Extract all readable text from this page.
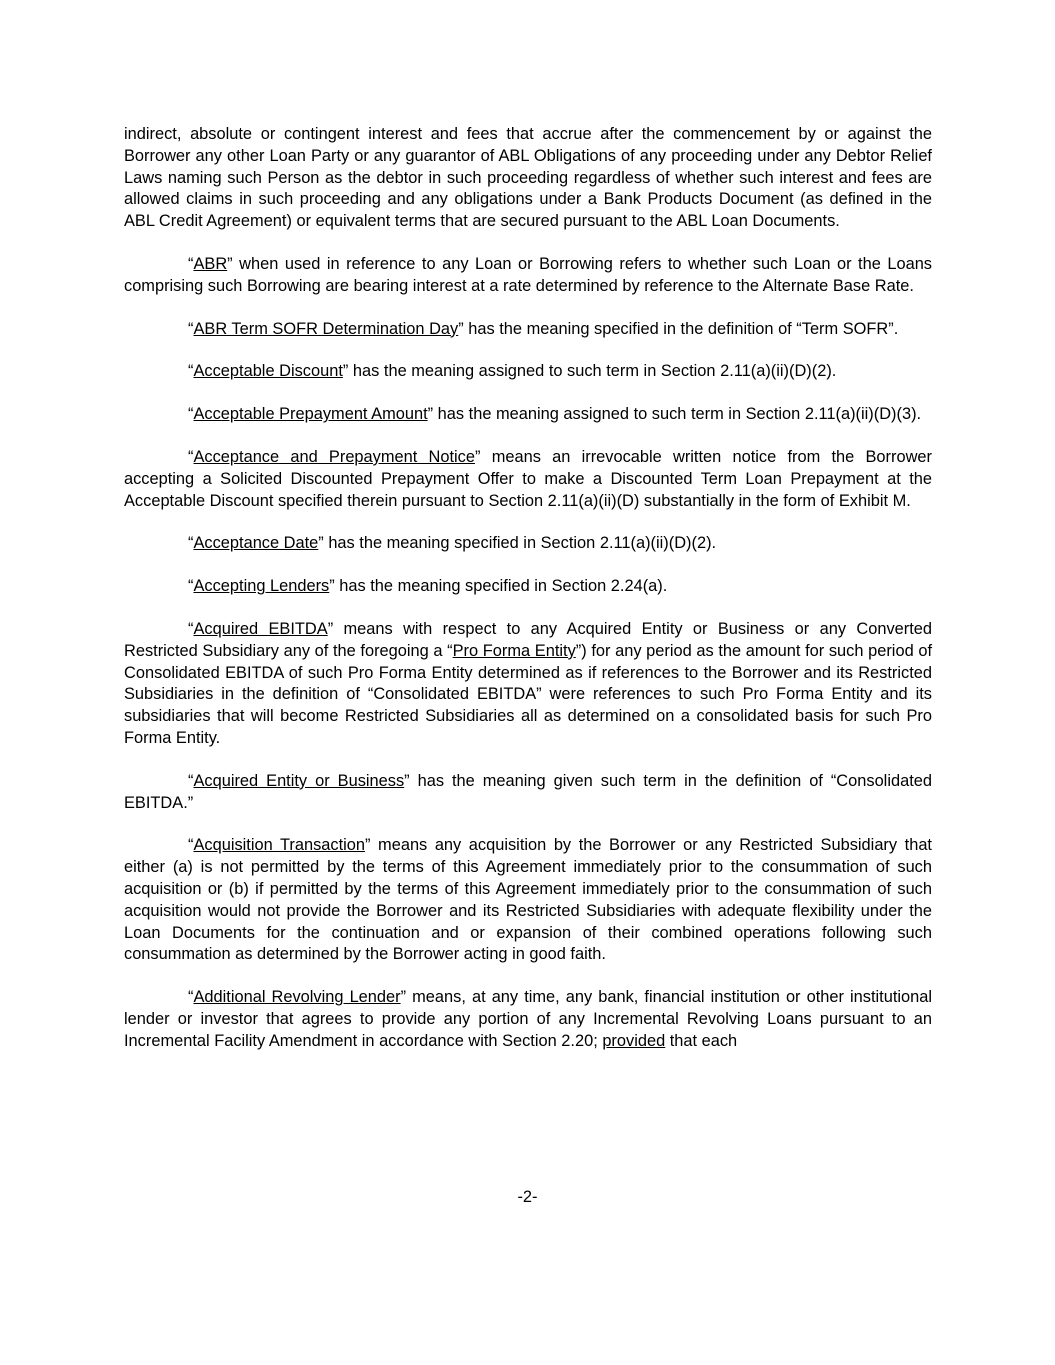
indirect, absolute or contingent interest and fees that accrue after the commencement by or against the Borrower any other Loan Party or any guarantor of ABL Obligations of any proceeding under any Debtor Relief Laws naming such Person as the debtor in such proceeding regardless of whether such interest and fees are allowed claims in such proceeding and any obligations under a Bank Products Document (as defined in the ABL Credit Agreement) or equivalent terms that are secured pursuant to the ABL Loan Documents.

“ABR” when used in reference to any Loan or Borrowing refers to whether such Loan or the Loans comprising such Borrowing are bearing interest at a rate determined by reference to the Alternate Base Rate.

“ABR Term SOFR Determination Day” has the meaning specified in the definition of “Term SOFR”.

“Acceptable Discount” has the meaning assigned to such term in Section 2.11(a)(ii)(D)(2).

“Acceptable Prepayment Amount” has the meaning assigned to such term in Section 2.11(a)(ii)(D)(3).

“Acceptance and Prepayment Notice” means an irrevocable written notice from the Borrower accepting a Solicited Discounted Prepayment Offer to make a Discounted Term Loan Prepayment at the Acceptable Discount specified therein pursuant to Section 2.11(a)(ii)(D) substantially in the form of Exhibit M.

“Acceptance Date” has the meaning specified in Section 2.11(a)(ii)(D)(2).

“Accepting Lenders” has the meaning specified in Section 2.24(a).

“Acquired EBITDA” means with respect to any Acquired Entity or Business or any Converted Restricted Subsidiary any of the foregoing a “Pro Forma Entity”) for any period as the amount for such period of Consolidated EBITDA of such Pro Forma Entity determined as if references to the Borrower and its Restricted Subsidiaries in the definition of “Consolidated EBITDA” were references to such Pro Forma Entity and its subsidiaries that will become Restricted Subsidiaries all as determined on a consolidated basis for such Pro Forma Entity.

“Acquired Entity or Business” has the meaning given such term in the definition of “Consolidated EBITDA.”

“Acquisition Transaction” means any acquisition by the Borrower or any Restricted Subsidiary that either (a) is not permitted by the terms of this Agreement immediately prior to the consummation of such acquisition or (b) if permitted by the terms of this Agreement immediately prior to the consummation of such acquisition would not provide the Borrower and its Restricted Subsidiaries with adequate flexibility under the Loan Documents for the continuation and or expansion of their combined operations following such consummation as determined by the Borrower acting in good faith.

“Additional Revolving Lender” means, at any time, any bank, financial institution or other institutional lender or investor that agrees to provide any portion of any Incremental Revolving Loans pursuant to an Incremental Facility Amendment in accordance with Section 2.20; provided that each

-2-
